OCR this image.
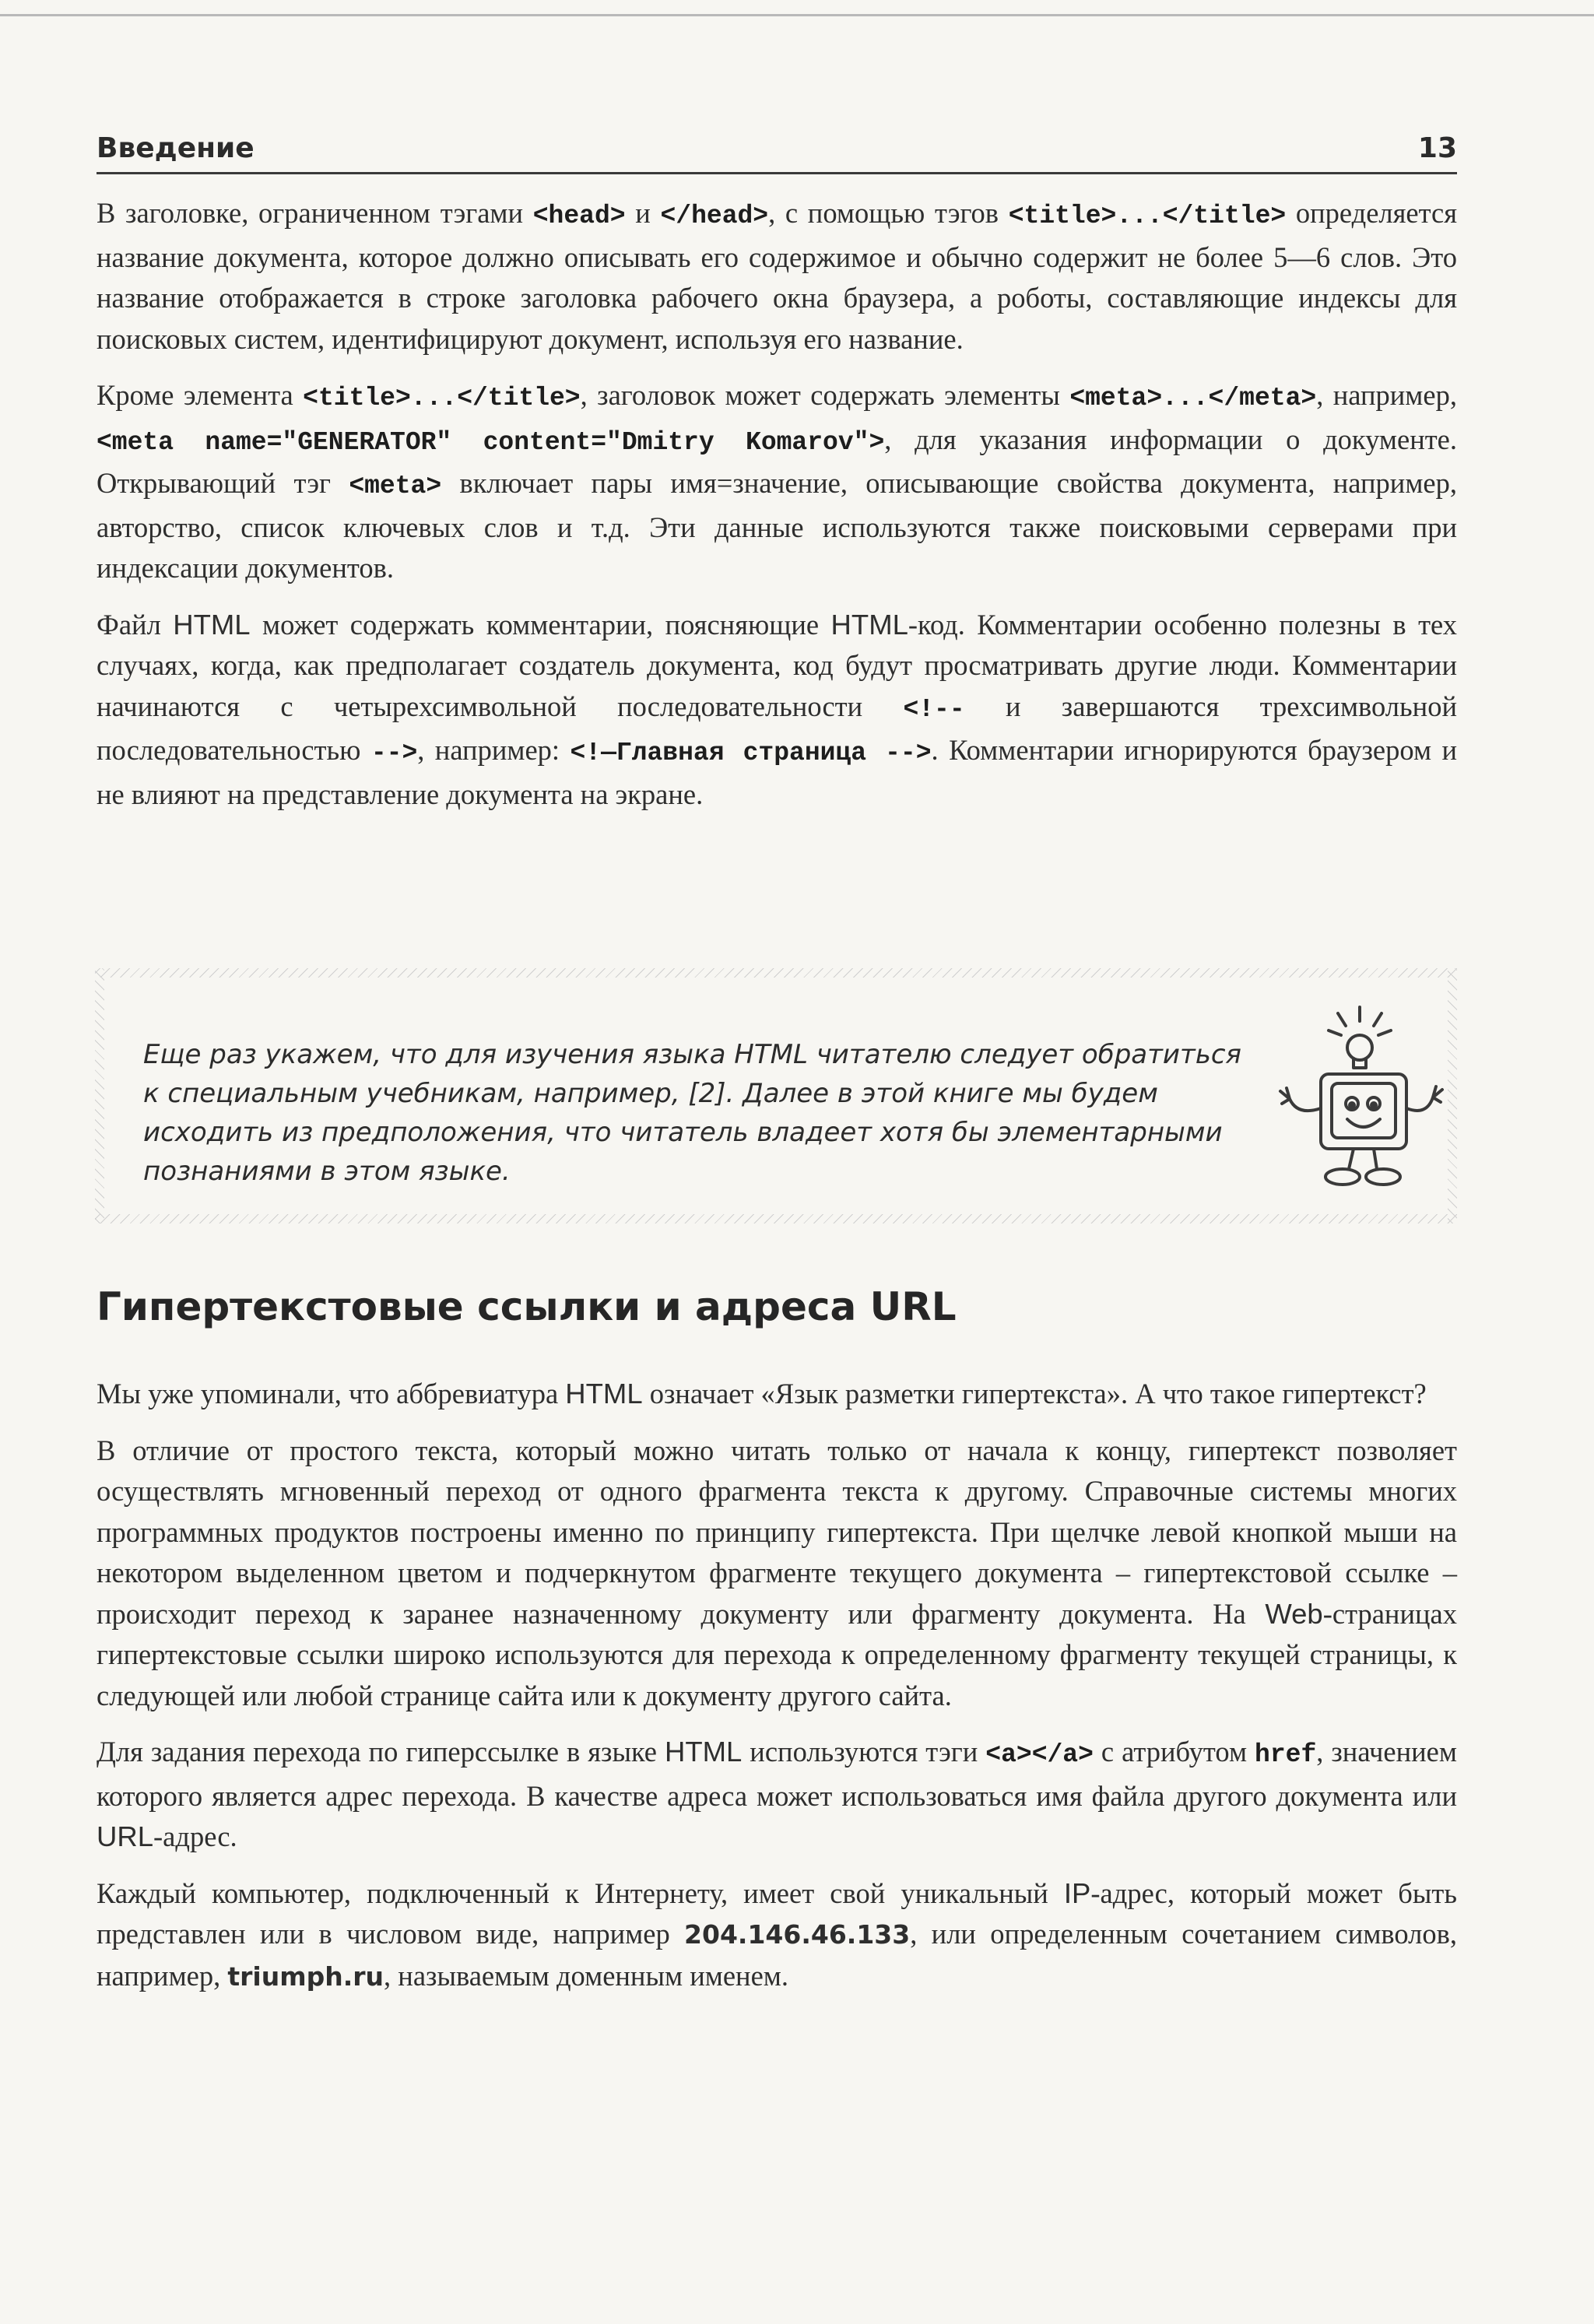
Введение	13

В заголовке, ограниченном тэгами <head> и </head>, с помощью тэгов <title>...</title> определяется название документа, которое должно описывать его содержимое и обычно содержит не более 5—6 слов. Это название отображается в строке заголовка рабочего окна браузера, а роботы, составляющие индексы для поисковых систем, идентифицируют документ, используя его название.

Кроме элемента <title>...</title>, заголовок может содержать элементы <meta>...</meta>, например, <meta name="GENERATOR" content="Dmitry Komarov">, для указания информации о документе. Открывающий тэг <meta> включает пары имя=значение, описывающие свойства документа, например, авторство, список ключевых слов и т.д. Эти данные используются также поисковыми серверами при индексации документов.

Файл HTML может содержать комментарии, поясняющие HTML-код. Комментарии особенно полезны в тех случаях, когда, как предполагает создатель документа, код будут просматривать другие люди. Комментарии начинаются с четырехсимвольной последовательности <!-- и завершаются трехсимвольной последовательностью -->, например: <!—Главная страница -->. Комментарии игнорируются браузером и не влияют на представление документа на экране.

Еще раз укажем, что для изучения языка HTML читателю следует обратиться к специальным учебникам, например, [2]. Далее в этой книге мы будем исходить из предположения, что читатель владеет хотя бы элементарными познаниями в этом языке.
Гипертекстовые ссылки и адреса URL

Мы уже упоминали, что аббревиатура HTML означает «Язык разметки гипертекста». А что такое гипертекст?

В отличие от простого текста, который можно читать только от начала к концу, гипертекст позволяет осуществлять мгновенный переход от одного фрагмента текста к другому. Справочные системы многих программных продуктов построены именно по принципу гипертекста. При щелчке левой кнопкой мыши на некотором выделенном цветом и подчеркнутом фрагменте текущего документа – гипертекстовой ссылке – происходит переход к заранее назначенному документу или фрагменту документа. На Web-страницах гипертекстовые ссылки широко используются для перехода к определенному фрагменту текущей страницы, к следующей или любой странице сайта или к документу другого сайта.

Для задания перехода по гиперссылке в языке HTML используются тэги <a></a> с атрибутом href, значением которого является адрес перехода. В качестве адреса может использоваться имя файла другого документа или URL-адрес.

Каждый компьютер, подключенный к Интернету, имеет свой уникальный IP-адрес, который может быть представлен или в числовом виде, например 204.146.46.133, или определенным сочетанием символов, например, triumph.ru, называемым доменным именем.
